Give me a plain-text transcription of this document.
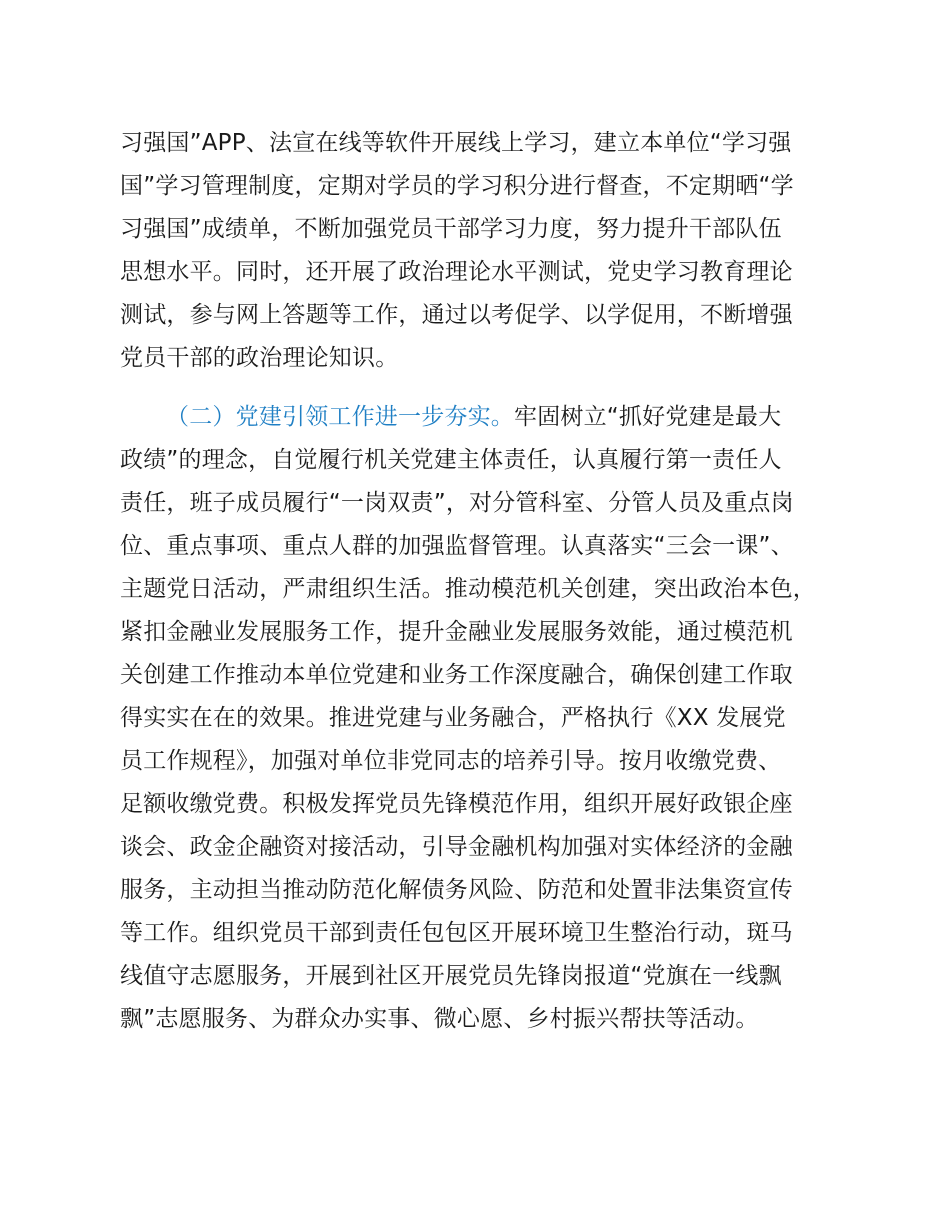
习强国”APP、法宣在线等软件开展线上学习，建立本单位“学习强
国”学习管理制度，定期对学员的学习积分进行督查，不定期晒“学
习强国”成绩单，不断加强党员干部学习力度，努力提升干部队伍
思想水平。同时，还开展了政治理论水平测试，党史学习教育理论
测试，参与网上答题等工作，通过以考促学、以学促用，不断增强
党员干部的政治理论知识。
（二）党建引领工作进一步夯实。牢固树立“抓好党建是最大
政绩”的理念，自觉履行机关党建主体责任，认真履行第一责任人
责任，班子成员履行“一岗双责”，对分管科室、分管人员及重点岗
位、重点事项、重点人群的加强监督管理。认真落实“三会一课”、
主题党日活动，严肃组织生活。推动模范机关创建，突出政治本色，
紧扣金融业发展服务工作，提升金融业发展服务效能，通过模范机
关创建工作推动本单位党建和业务工作深度融合，确保创建工作取
得实实在在的效果。推进党建与业务融合，严格执行《XX 发展党
员工作规程》，加强对单位非党同志的培养引导。按月收缴党费、
足额收缴党费。积极发挥党员先锋模范作用，组织开展好政银企座
谈会、政金企融资对接活动，引导金融机构加强对实体经济的金融
服务，主动担当推动防范化解债务风险、防范和处置非法集资宣传
等工作。组织党员干部到责任包包区开展环境卫生整治行动，斑马
线值守志愿服务，开展到社区开展党员先锋岗报道“党旗在一线飘
飘”志愿服务、为群众办实事、微心愿、乡村振兴帮扶等活动。
